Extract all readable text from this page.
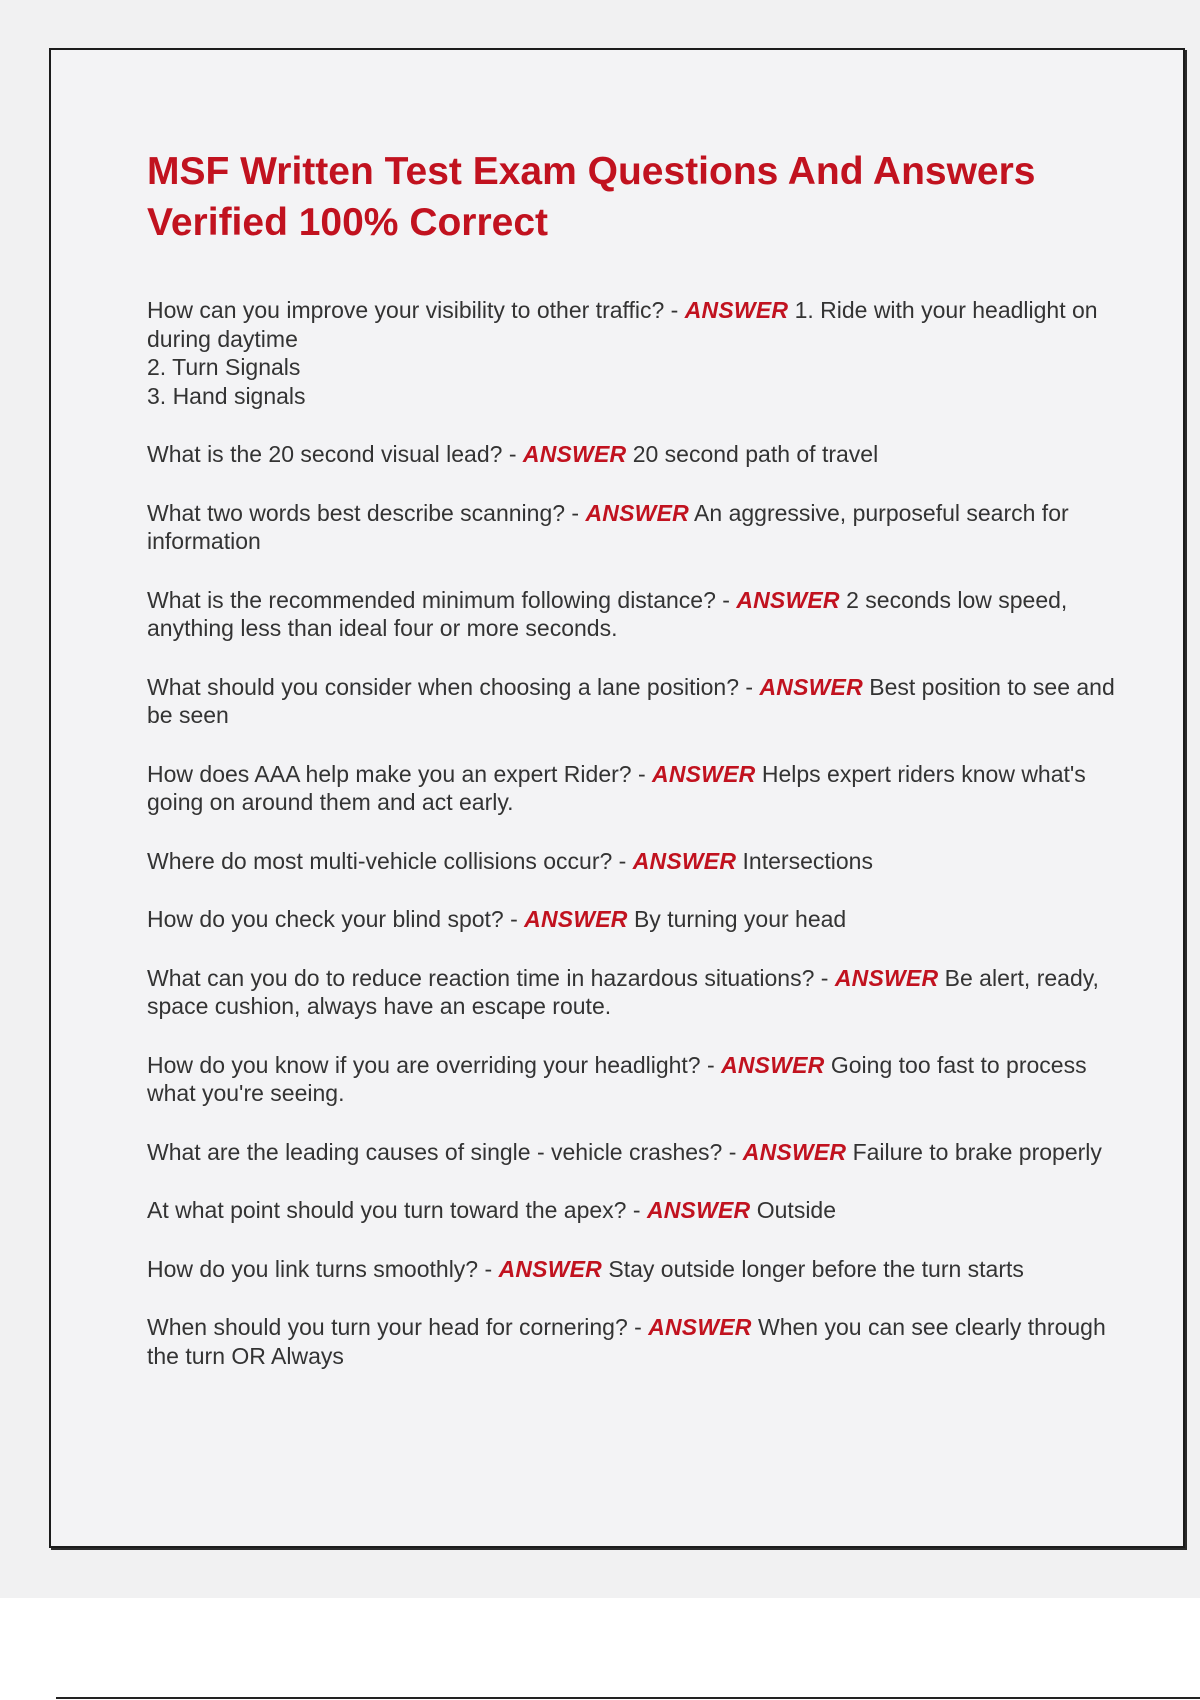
MSF Written Test Exam Questions And Answers Verified 100% Correct

How can you improve your visibility to other traffic? - ANSWER 1. Ride with your headlight on during daytime
2. Turn Signals
3. Hand signals

What is the 20 second visual lead? - ANSWER 20 second path of travel

What two words best describe scanning? - ANSWER An aggressive, purposeful search for information

What is the recommended minimum following distance? - ANSWER 2 seconds low speed, anything less than ideal four or more seconds.

What should you consider when choosing a lane position? - ANSWER Best position to see and be seen

How does AAA help make you an expert Rider? - ANSWER Helps expert riders know what's going on around them and act early.

Where do most multi-vehicle collisions occur? - ANSWER Intersections

How do you check your blind spot? - ANSWER By turning your head

What can you do to reduce reaction time in hazardous situations? - ANSWER Be alert, ready, space cushion, always have an escape route.

How do you know if you are overriding your headlight? - ANSWER Going too fast to process what you're seeing.

What are the leading causes of single - vehicle crashes? - ANSWER Failure to brake properly

At what point should you turn toward the apex? - ANSWER Outside

How do you link turns smoothly? - ANSWER Stay outside longer before the turn starts

When should you turn your head for cornering? - ANSWER When you can see clearly through the turn OR Always
